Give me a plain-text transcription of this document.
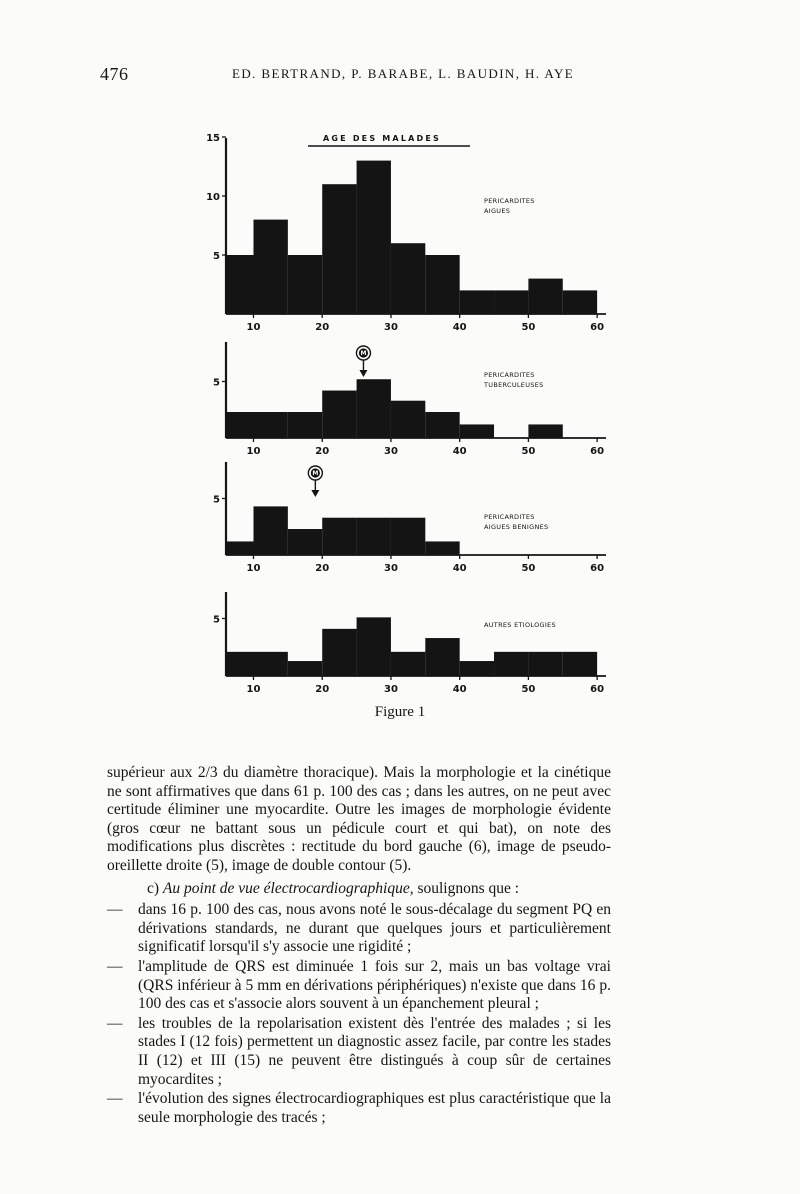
476	ED. BERTRAND, P. BARABE, L. BAUDIN, H. AYE
AGE DES MALADES
10	20	30	40	50	60
5
10
15
PERICARDITES
AIGUES
10	20	30	40	50	60
5
PERICARDITES
TUBERCULEUSES
M
10	20	30	40	50	60
5
PERICARDITES
AIGUES BENIGNES
M
10	20	30	40	50	60
5	AUTRES ETIOLOGIES
Figure 1

supérieur aux 2/3 du diamètre thoracique). Mais la morphologie et la cinétique ne sont affirmatives que dans 61 p. 100 des cas ; dans les autres, on ne peut avec certitude éliminer une myocardite. Outre les images de morphologie évidente (gros cœur ne battant sous un pédicule court et qui bat), on note des modifications plus discrètes : rectitude du bord gauche (6), image de pseudo-oreillette droite (5), image de double contour (5).

c) Au point de vue électrocardiographique, soulignons que :

— dans 16 p. 100 des cas, nous avons noté le sous-décalage du segment PQ en dérivations standards, ne durant que quelques jours et particulièrement significatif lorsqu'il s'y associe une rigidité ;
— l'amplitude de QRS est diminuée 1 fois sur 2, mais un bas voltage vrai (QRS inférieur à 5 mm en dérivations périphériques) n'existe que dans 16 p. 100 des cas et s'associe alors souvent à un épanchement pleural ;
— les troubles de la repolarisation existent dès l'entrée des malades ; si les stades I (12 fois) permettent un diagnostic assez facile, par contre les stades II (12) et III (15) ne peuvent être distingués à coup sûr de certaines myocardites ;
— l'évolution des signes électrocardiographiques est plus caractéristique que la seule morphologie des tracés ;
